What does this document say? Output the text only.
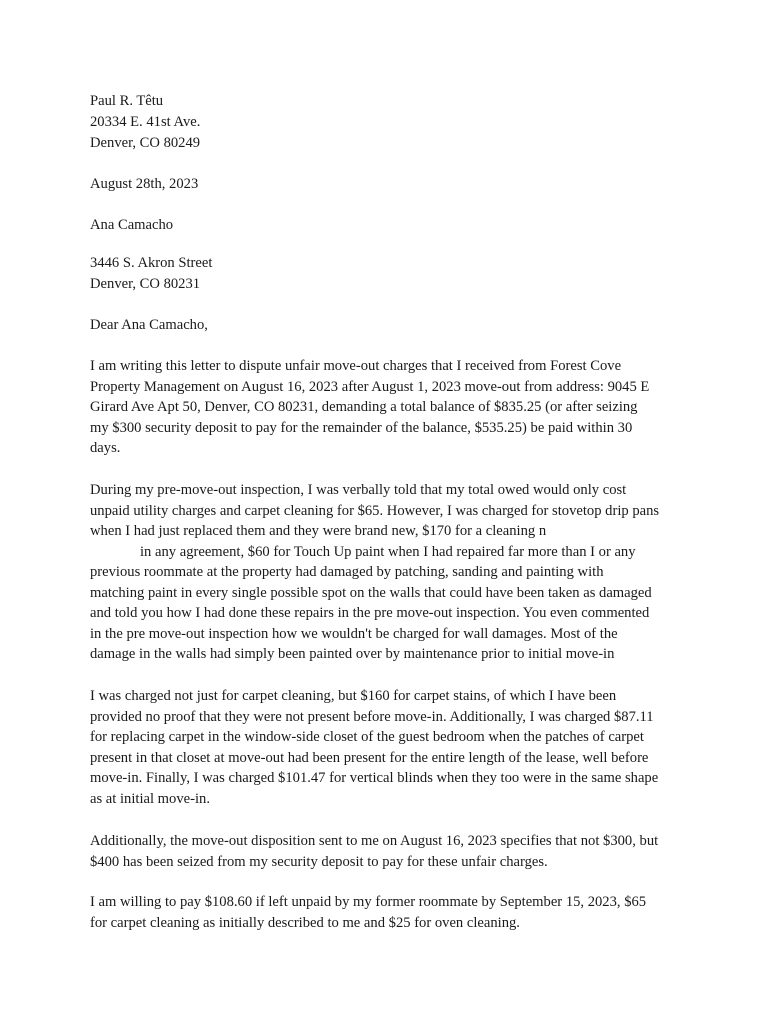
Paul R. Têtu
20334 E. 41st Ave.
Denver, CO 80249
August 28th, 2023
Ana Camacho
3446 S. Akron Street
Denver, CO 80231
Dear Ana Camacho,
I am writing this letter to dispute unfair move-out charges that I received from Forest Cove
Property Management on August 16, 2023 after August 1, 2023 move-out from address: 9045 E
Girard Ave Apt 50, Denver, CO 80231, demanding a total balance of $835.25 (or after seizing
my $300 security deposit to pay for the remainder of the balance, $535.25) be paid within 30
days.
During my pre-move-out inspection, I was verbally told that my total owed would only cost
unpaid utility charges and carpet cleaning for $65. However, I was charged for stovetop drip pans
when I had just replaced them and they were brand new, $170 for a cleaning n
in any agreement, $60 for Touch Up paint when I had repaired far more than I or any
previous roommate at the property had damaged by patching, sanding and painting with
matching paint in every single possible spot on the walls that could have been taken as damaged
and told you how I had done these repairs in the pre move-out inspection. You even commented
in the pre move-out inspection how we wouldn't be charged for wall damages. Most of the
damage in the walls had simply been painted over by maintenance prior to initial move-in
I was charged not just for carpet cleaning, but $160 for carpet stains, of which I have been
provided no proof that they were not present before move-in. Additionally, I was charged $87.11
for replacing carpet in the window-side closet of the guest bedroom when the patches of carpet
present in that closet at move-out had been present for the entire length of the lease, well before
move-in. Finally, I was charged $101.47 for vertical blinds when they too were in the same shape
as at initial move-in.
Additionally, the move-out disposition sent to me on August 16, 2023 specifies that not $300, but
$400 has been seized from my security deposit to pay for these unfair charges.
I am willing to pay $108.60 if left unpaid by my former roommate by September 15, 2023, $65
for carpet cleaning as initially described to me and $25 for oven cleaning.
